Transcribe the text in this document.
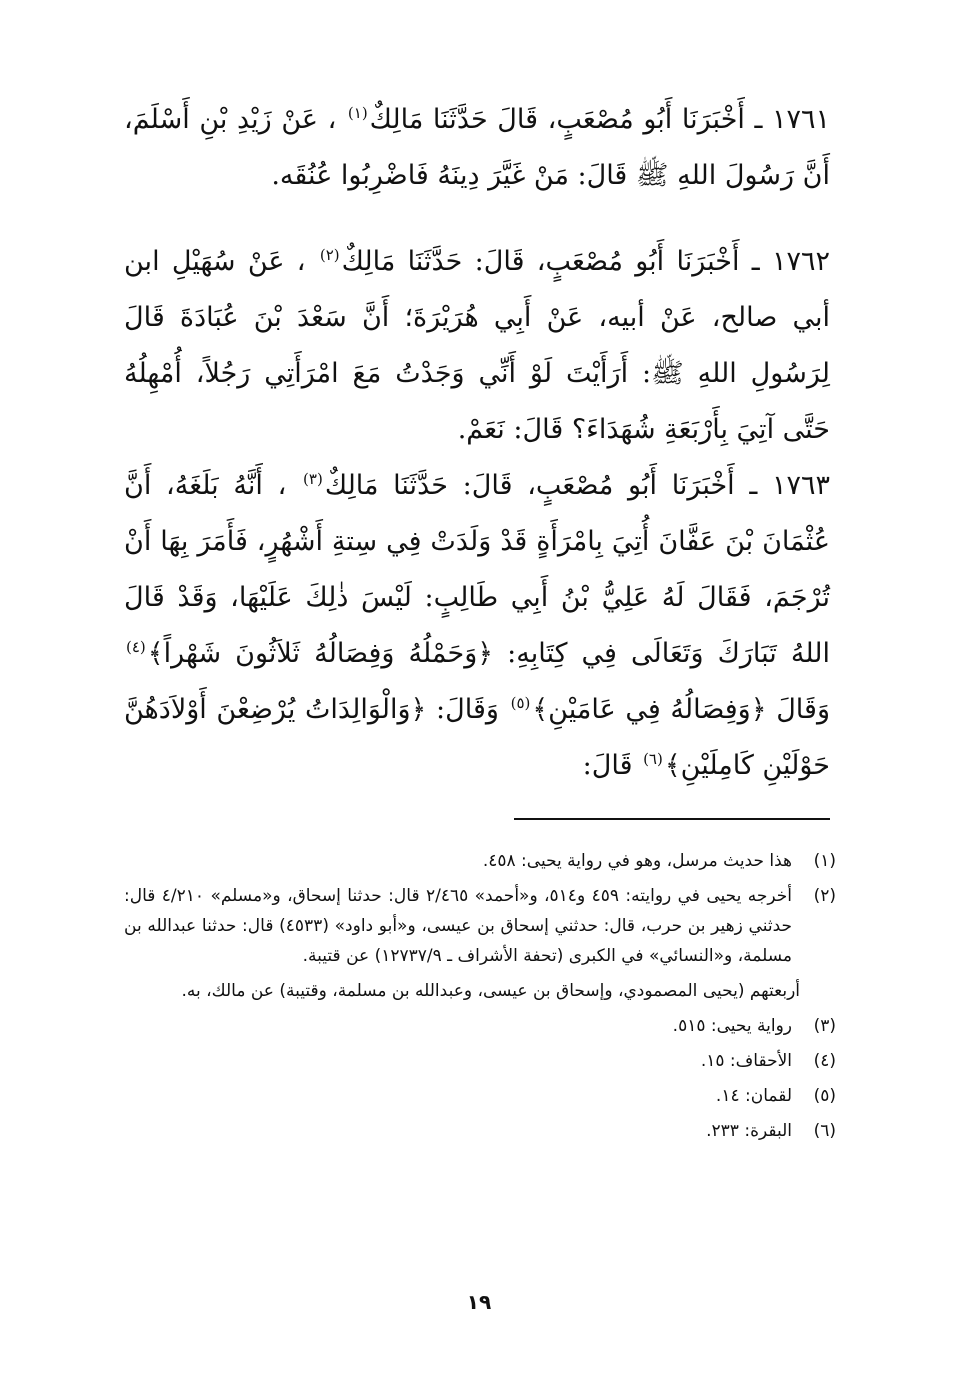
١٧٦١ ـ أَخْبَرَنَا أَبُو مُصْعَبٍ، قَالَ حَدَّثَنَا مَالِكٌ$^{(١)}$ ، عَنْ زَيْدِ بْنِ أَسْلَمَ، أَنَّ رَسُولَ اللهِ ﷺ قَالَ: مَنْ غَيَّرَ دِينَهُ فَاضْرِبُوا عُنُقَه.

١٧٦٢ ـ أَخْبَرَنَا أَبُو مُصْعَبٍ، قَالَ: حَدَّثَنَا مَالِكٌ$^{(٢)}$ ، عَنْ سُهَيْلِ ابن أبي صالح، عَنْ أبيه، عَنْ أَبِي هُرَيْرَةَ؛ أَنَّ سَعْدَ بْنَ عُبَادَةَ قَالَ لِرَسُولِ اللهِ ﷺ: أَرَأَيْتَ لَوْ أَنِّي وَجَدْتُ مَعَ امْرَأَتِي رَجُلاً، أُمْهِلُهُ حَتَّى آتِيَ بِأَرْبَعَةِ شُهَدَاءَ؟ قَالَ: نَعَمْ.

١٧٦٣ ـ أَخْبَرَنَا أَبُو مُصْعَبٍ، قَالَ: حَدَّثَنَا مَالِكٌ$^{(٣)}$ ، أَنَّهُ بَلَغَهُ، أَنَّ عُثْمَانَ بْنَ عَفَّانَ أُتِيَ بِامْرَأَةٍ قَدْ وَلَدَتْ فِي سِتةِ أَشْهُرٍ، فَأَمَرَ بِهَا أَنْ تُرْجَمَ، فَقَالَ لَهُ عَلِيُّ بْنُ أَبِي طَالِبٍ: لَيْسَ ذٰلِكَ عَلَيْهَا، وَقَدْ قَالَ اللهُ تَبَارَكَ وَتَعَالَى فِي كِتَابِهِ: ﴿وَحَمْلُهُ وَفِصَالُهُ ثَلاَثُونَ شَهْراً﴾$^{(٤)}$ وَقَالَ ﴿وَفِصَالُهُ فِي عَامَيْنِ﴾$^{(٥)}$ وَقَالَ: ﴿وَالْوَالِدَاتُ يُرْضِعْنَ أَوْلاَدَهُنَّ حَوْلَيْنِ كَامِلَيْنِ﴾$^{(٦)}$ قَالَ:

(١)
هذا حديث مرسل، وهو في رواية يحيى: ٤٥٨.
(٢)
أخرجه يحيى في روايته: ٤٥٩ و٥١٤، و«أحمد» ٢/٤٦٥ قال: حدثنا إسحاق، و«مسلم» ٤/٢١٠ قال: حدثني زهير بن حرب، قال: حدثني إسحاق بن عيسى، و«أبو داود» (٤٥٣٣) قال: حدثنا عبدالله بن مسلمة، و«النسائي» في الكبرى (تحفة الأشراف ـ ١٢٧٣٧/٩) عن قتيبة.
أربعتهم (يحيى المصمودي، وإسحاق بن عيسى، وعبدالله بن مسلمة، وقتيبة) عن مالك، به.
(٣)
رواية يحيى: ٥١٥.
(٤)
الأحقاف: ١٥.
(٥)
لقمان: ١٤.
(٦)
البقرة: ٢٣٣.
١٩
